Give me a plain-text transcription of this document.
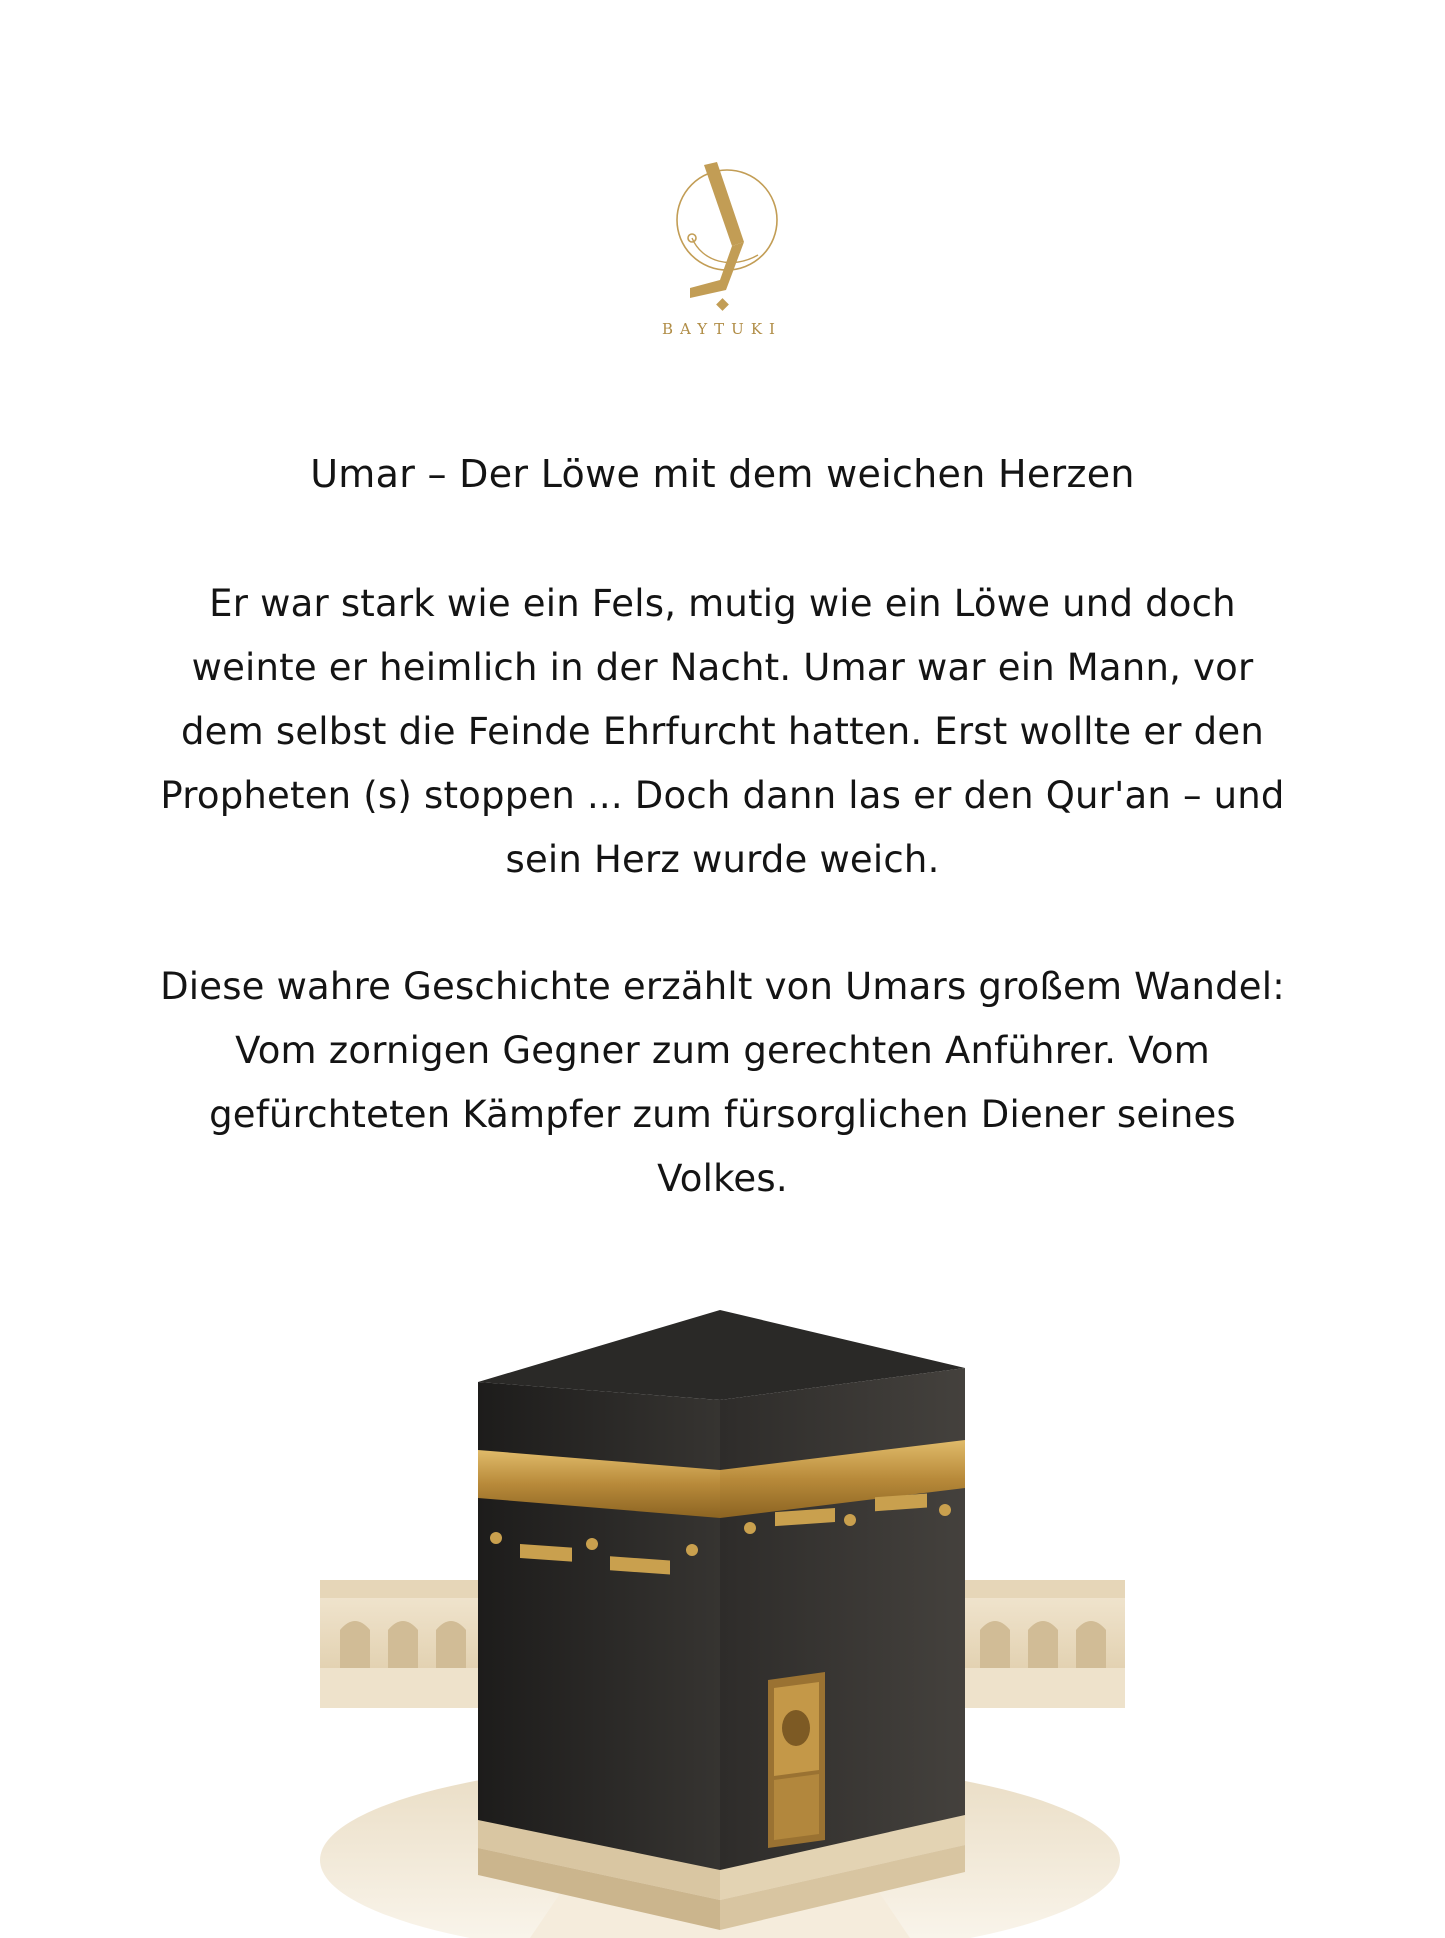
BAYTUKI
Umar – Der Löwe mit dem weichen Herzen

Er war stark wie ein Fels, mutig wie ein Löwe und doch weinte er heimlich in der Nacht. Umar war ein Mann, vor dem selbst die Feinde Ehrfurcht hatten. Erst wollte er den Propheten (s) stoppen ... Doch dann las er den Qur'an – und sein Herz wurde weich.

Diese wahre Geschichte erzählt von Umars großem Wandel: Vom zornigen Gegner zum gerechten Anführer. Vom gefürchteten Kämpfer zum fürsorglichen Diener seines Volkes.
